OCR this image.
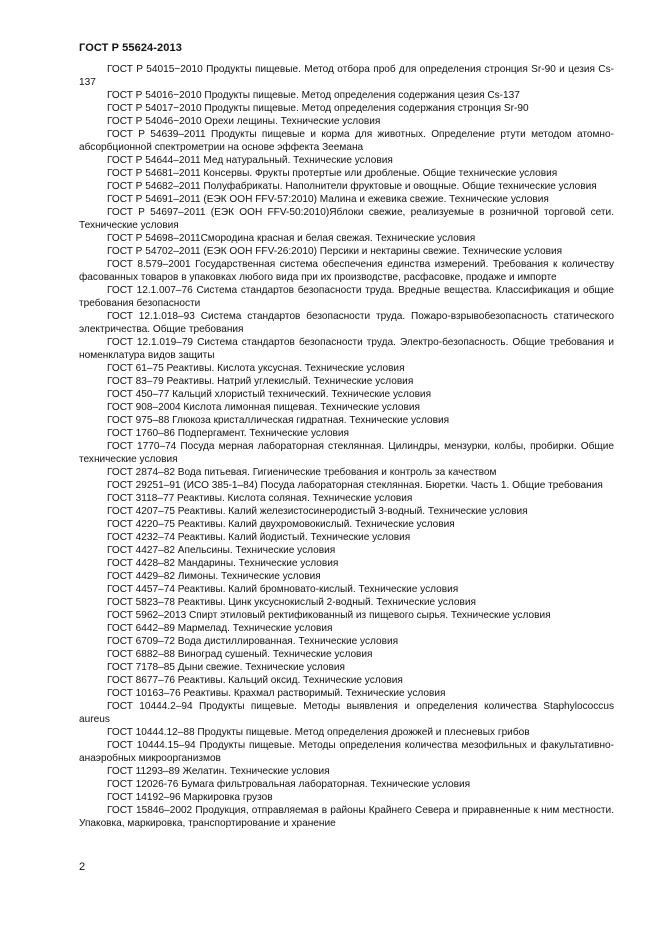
ГОСТ Р 55624-2013

ГОСТ Р 54015−2010 Продукты пищевые. Метод отбора проб для определения стронция Sr-90 и цезия Cs-137

ГОСТ Р 54016−2010 Продукты пищевые. Метод определения содержания цезия Cs-137

ГОСТ Р 54017−2010 Продукты пищевые. Метод определения содержания стронция Sr-90

ГОСТ Р 54046−2010 Орехи лещины. Технические условия

ГОСТ Р 54639–2011 Продукты пищевые и корма для животных. Определение ртути методом атомно-абсорбционной спектрометрии на основе эффекта Зеемана

ГОСТ Р 54644–2011 Мед натуральный. Технические условия

ГОСТ Р 54681–2011 Консервы. Фрукты протертые или дробленые. Общие технические условия

ГОСТ Р 54682–2011 Полуфабрикаты. Наполнители фруктовые и овощные. Общие технические условия

ГОСТ Р 54691–2011 (ЕЭК ООН FFV-57:2010) Малина и ежевика свежие. Технические условия

ГОСТ Р 54697–2011 (ЕЭК ООН FFV-50:2010)Яблоки свежие, реализуемые в розничной торговой сети. Технические условия

ГОСТ Р 54698–2011Смородина красная и белая свежая. Технические условия

ГОСТ Р 54702–2011 (ЕЭК ООН FFV-26:2010) Персики и нектарины свежие. Технические условия

ГОСТ 8.579–2001 Государственная система обеспечения единства измерений. Требования к количеству фасованных товаров в упаковках любого вида при их производстве, расфасовке, продаже и импорте

ГОСТ 12.1.007–76 Система стандартов безопасности труда. Вредные вещества. Классификация и общие требования безопасности

ГОСТ 12.1.018–93 Система стандартов безопасности труда. Пожаро-взрывобезопасность статического электричества. Общие требования

ГОСТ 12.1.019–79 Система стандартов безопасности труда. Электро-безопасность. Общие требования и номенклатура видов защиты

ГОСТ 61–75 Реактивы. Кислота уксусная. Технические условия

ГОСТ 83–79 Реактивы. Натрий углекислый. Технические условия

ГОСТ 450–77 Кальций хлористый технический. Технические условия

ГОСТ 908–2004 Кислота лимонная пищевая. Технические условия

ГОСТ 975–88 Глюкоза кристаллическая гидратная. Технические условия

ГОСТ 1760–86 Подпергамент. Технические условия

ГОСТ 1770–74 Посуда мерная лабораторная стеклянная. Цилиндры, мензурки, колбы, пробирки. Общие технические условия

ГОСТ 2874–82 Вода питьевая. Гигиенические требования и контроль за качеством

ГОСТ 29251–91 (ИСО 385-1–84) Посуда лабораторная стеклянная. Бюретки. Часть 1. Общие требования

ГОСТ 3118–77 Реактивы. Кислота соляная. Технические условия

ГОСТ 4207–75 Реактивы. Калий железистосинеродистый 3-водный. Технические условия

ГОСТ 4220–75 Реактивы. Калий двухромовокислый. Технические условия

ГОСТ 4232–74 Реактивы. Калий йодистый. Технические условия

ГОСТ 4427–82 Апельсины. Технические условия

ГОСТ 4428–82 Мандарины. Технические условия

ГОСТ 4429–82 Лимоны. Технические условия

ГОСТ 4457–74 Реактивы. Калий бромновато-кислый. Технические условия

ГОСТ 5823–78 Реактивы. Цинк уксуснокислый 2-водный. Технические условия

ГОСТ 5962–2013 Спирт этиловый ректификованный из пищевого сырья. Технические условия

ГОСТ 6442–89 Мармелад. Технические условия

ГОСТ 6709–72 Вода дистиллированная. Технические условия

ГОСТ 6882–88 Виноград сушеный. Технические условия

ГОСТ 7178–85 Дыни свежие. Технические условия

ГОСТ 8677–76 Реактивы. Кальций оксид. Технические условия

ГОСТ 10163–76 Реактивы. Крахмал растворимый. Технические условия

ГОСТ 10444.2–94 Продукты пищевые. Методы выявления и определения количества Staphylococcus aureus

ГОСТ 10444.12–88 Продукты пищевые. Метод определения дрожжей и плесневых грибов

ГОСТ 10444.15–94 Продукты пищевые. Методы определения количества мезофильных и факультативно-анаэробных микроорганизмов

ГОСТ 11293–89 Желатин. Технические условия

ГОСТ 12026-76 Бумага фильтровальная лабораторная. Технические условия

ГОСТ 14192–96 Маркировка грузов

ГОСТ 15846–2002 Продукция, отправляемая в районы Крайнего Севера и приравненные к ним местности. Упаковка, маркировка, транспортирование и хранение

2
